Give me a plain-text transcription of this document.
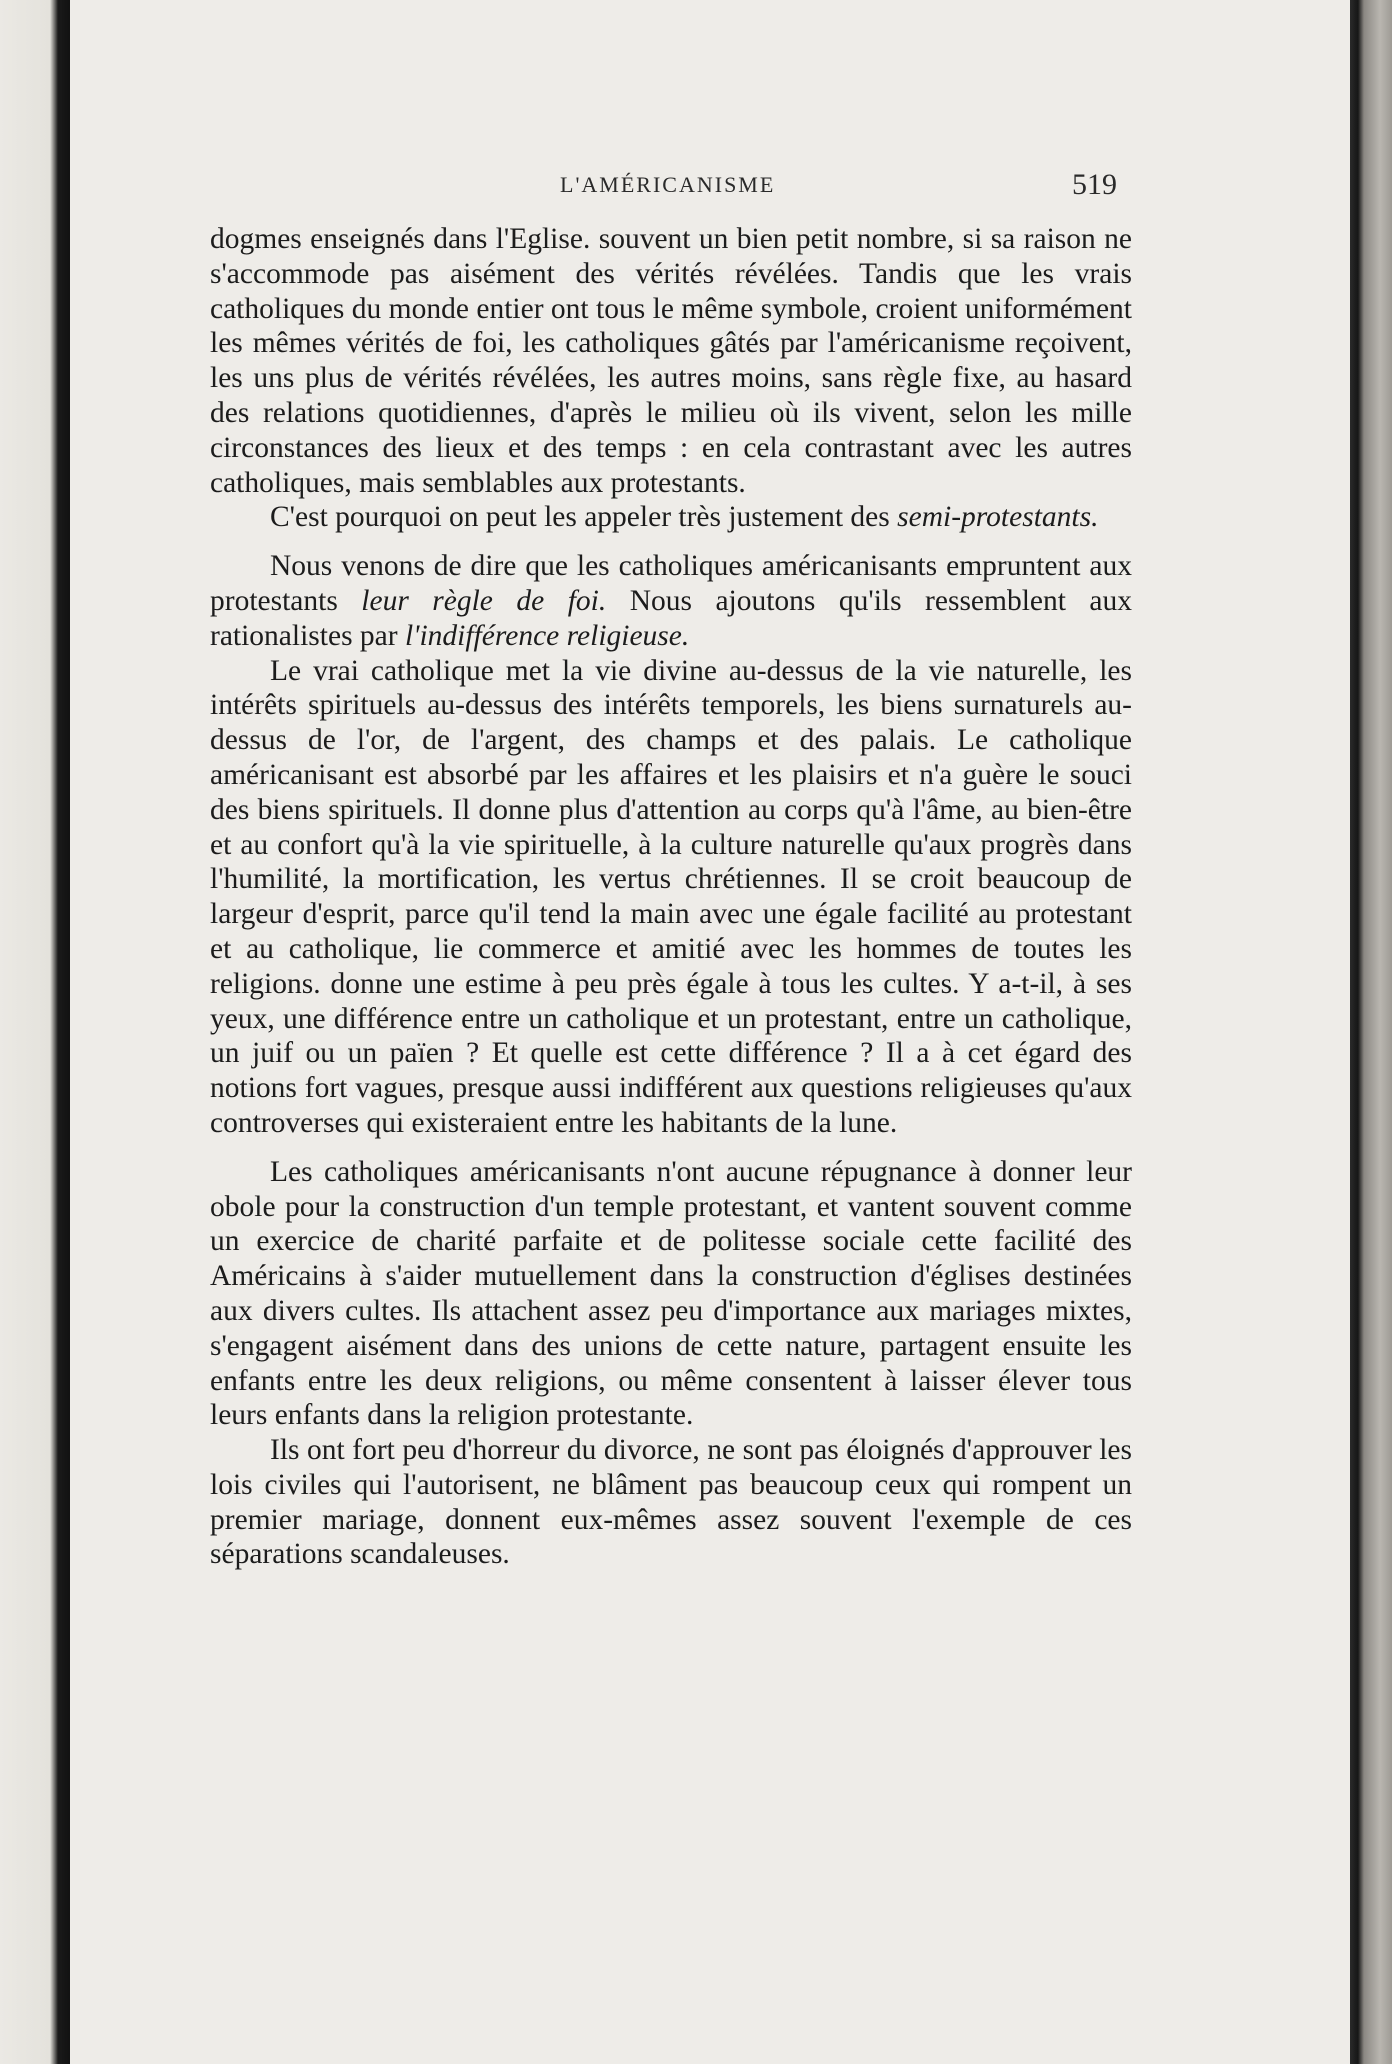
L'AMÉRICANISME	519

dogmes enseignés dans l'Eglise. souvent un bien petit nombre, si sa raison ne s'accommode pas aisément des vérités révélées. Tandis que les vrais catholiques du monde entier ont tous le même symbole, croient uniformément les mêmes vérités de foi, les catholiques gâtés par l'américanisme reçoivent, les uns plus de vérités révélées, les autres moins, sans règle fixe, au hasard des relations quotidiennes, d'après le milieu où ils vivent, selon les mille circonstances des lieux et des temps : en cela contrastant avec les autres catholiques, mais semblables aux protestants.

C'est pourquoi on peut les appeler très justement des semi-protestants.

Nous venons de dire que les catholiques américanisants empruntent aux protestants leur règle de foi. Nous ajoutons qu'ils ressemblent aux rationalistes par l'indifférence religieuse.

Le vrai catholique met la vie divine au-dessus de la vie naturelle, les intérêts spirituels au-dessus des intérêts temporels, les biens surnaturels au-dessus de l'or, de l'argent, des champs et des palais. Le catholique américanisant est absorbé par les affaires et les plaisirs et n'a guère le souci des biens spirituels. Il donne plus d'attention au corps qu'à l'âme, au bien-être et au confort qu'à la vie spirituelle, à la culture naturelle qu'aux progrès dans l'humilité, la mortification, les vertus chrétiennes. Il se croit beaucoup de largeur d'esprit, parce qu'il tend la main avec une égale facilité au protestant et au catholique, lie commerce et amitié avec les hommes de toutes les religions. donne une estime à peu près égale à tous les cultes. Y a-t-il, à ses yeux, une différence entre un catholique et un protestant, entre un catholique, un juif ou un païen ? Et quelle est cette différence ? Il a à cet égard des notions fort vagues, presque aussi indifférent aux questions religieuses qu'aux controverses qui existeraient entre les habitants de la lune.

Les catholiques américanisants n'ont aucune répugnance à donner leur obole pour la construction d'un temple protestant, et vantent souvent comme un exercice de charité parfaite et de politesse sociale cette facilité des Américains à s'aider mutuellement dans la construction d'églises destinées aux divers cultes. Ils attachent assez peu d'importance aux mariages mixtes, s'engagent aisément dans des unions de cette nature, partagent ensuite les enfants entre les deux religions, ou même consentent à laisser élever tous leurs enfants dans la religion protestante.

Ils ont fort peu d'horreur du divorce, ne sont pas éloignés d'approuver les lois civiles qui l'autorisent, ne blâment pas beaucoup ceux qui rompent un premier mariage, donnent eux-mêmes assez souvent l'exemple de ces séparations scandaleuses.
